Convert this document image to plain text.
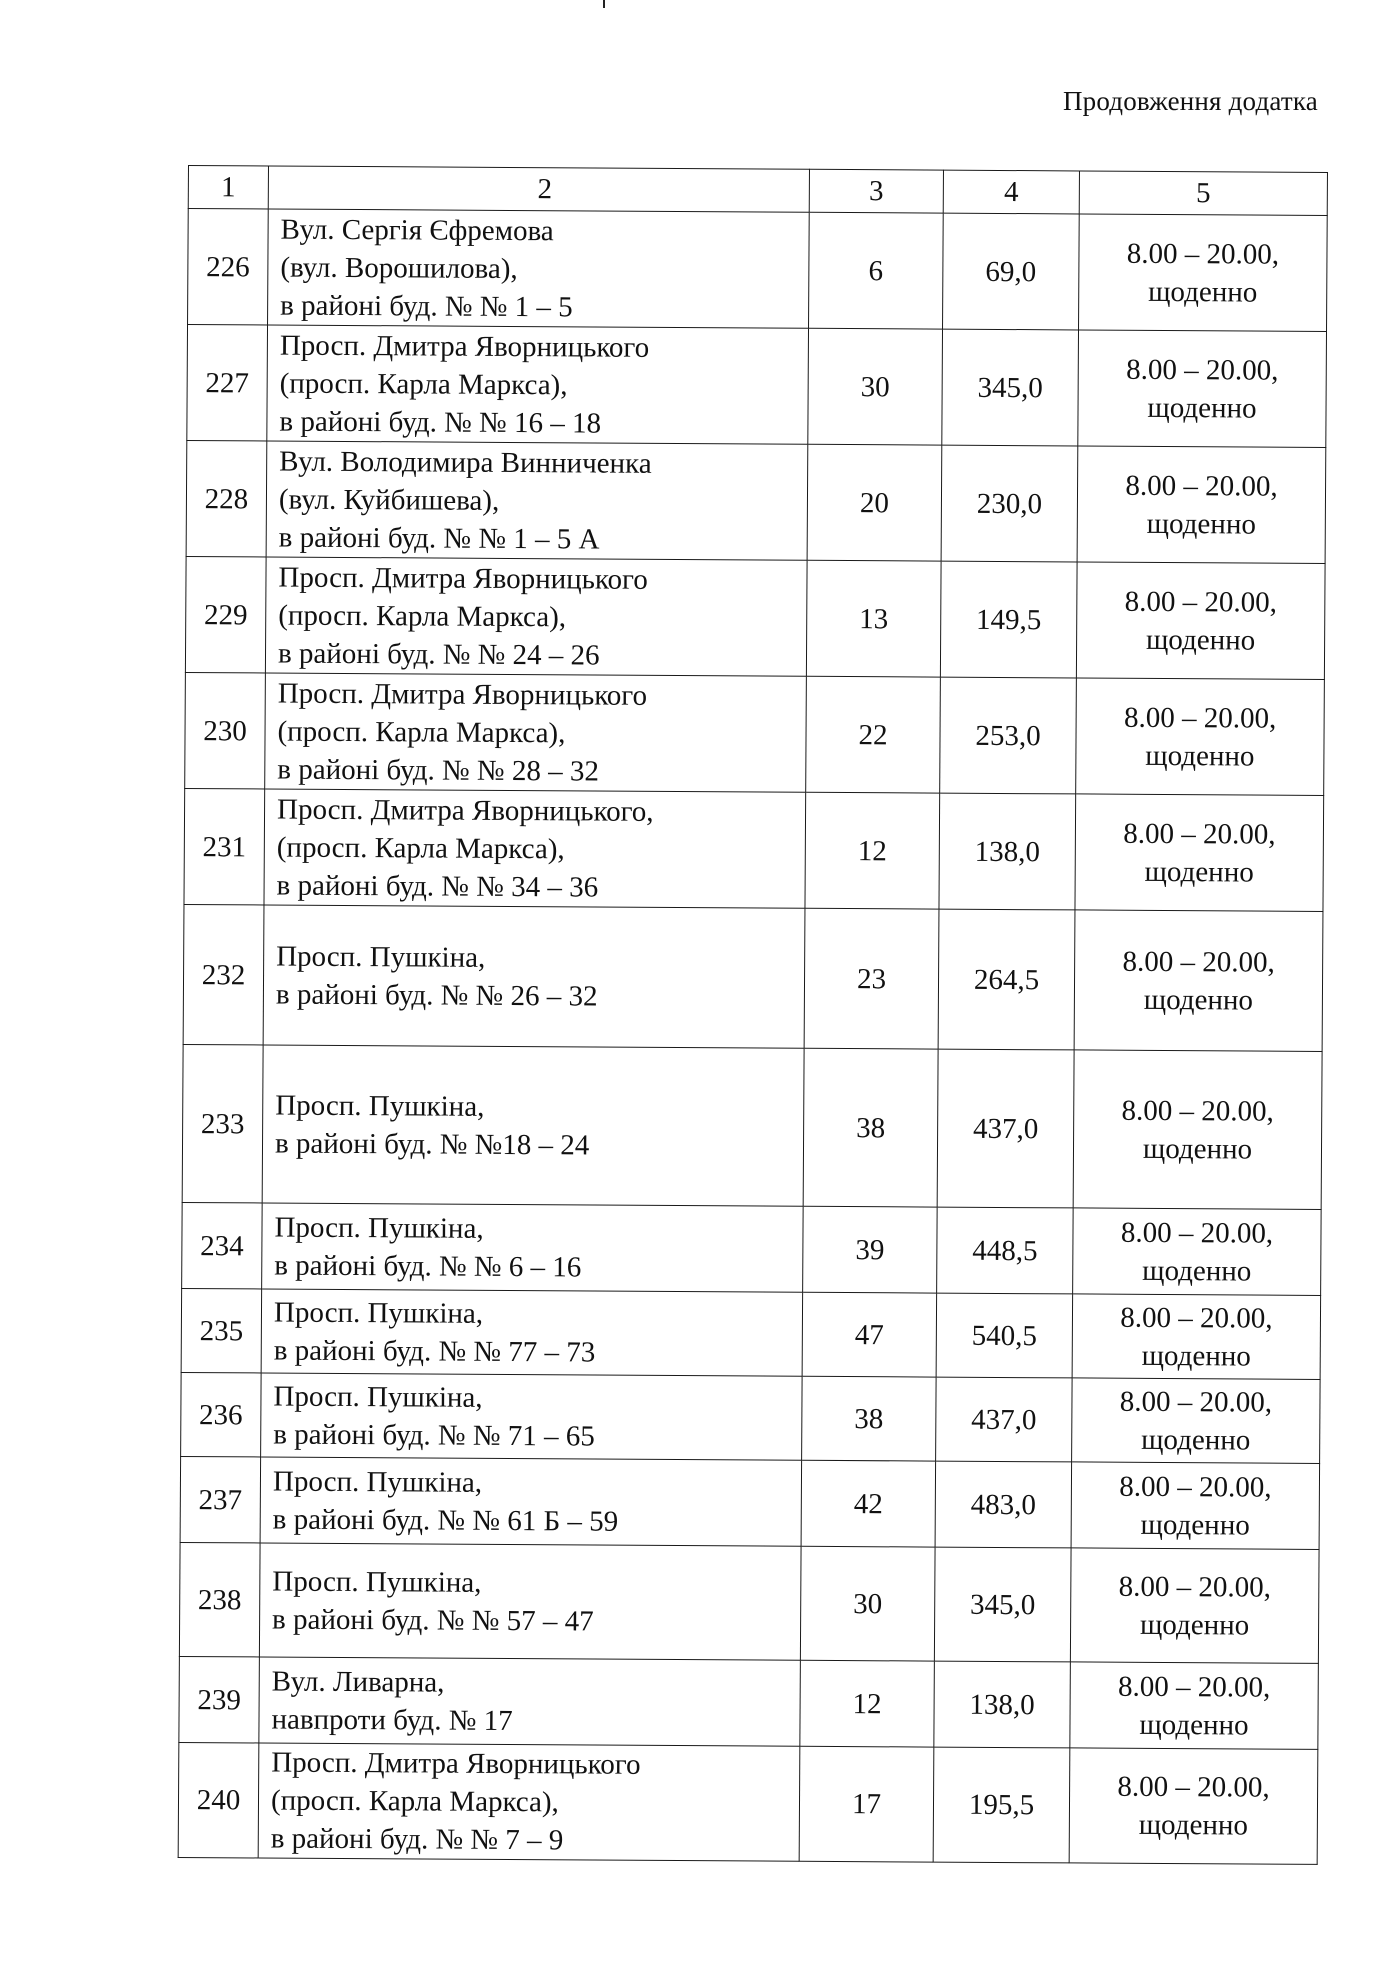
Продовження додатка
1	2	3	4	5
226	Вул. Сергія Єфремова
(вул. Ворошилова),
в районі буд. № № 1 – 5	6	69,0	8.00 – 20.00,
щоденно

227	Просп. Дмитра Яворницького
(просп. Карла Маркса),
в районі буд. № № 16 – 18	30	345,0	8.00 – 20.00,
щоденно

228	Вул. Володимира Винниченка
(вул. Куйбишева),
в районі буд. № № 1 – 5 А	20	230,0	8.00 – 20.00,
щоденно

229	Просп. Дмитра Яворницького
(просп. Карла Маркса),
в районі буд. № № 24 – 26	13	149,5	8.00 – 20.00,
щоденно

230	Просп. Дмитра Яворницького
(просп. Карла Маркса),
в районі буд. № № 28 – 32	22	253,0	8.00 – 20.00,
щоденно

231	Просп. Дмитра Яворницького,
(просп. Карла Маркса),
в районі буд. № № 34 – 36	12	138,0	8.00 – 20.00,
щоденно

232	Просп. Пушкіна,
в районі буд. № № 26 – 32	23	264,5	8.00 – 20.00,
щоденно

233	Просп. Пушкіна,
в районі буд. № №18 – 24	38	437,0	8.00 – 20.00,
щоденно

234	Просп. Пушкіна,
в районі буд. № № 6 – 16	39	448,5	8.00 – 20.00,
щоденно

235	Просп. Пушкіна,
в районі буд. № № 77 – 73	47	540,5	8.00 – 20.00,
щоденно

236	Просп. Пушкіна,
в районі буд. № № 71 – 65	38	437,0	8.00 – 20.00,
щоденно

237	Просп. Пушкіна,
в районі буд. № № 61 Б – 59	42	483,0	8.00 – 20.00,
щоденно

238	Просп. Пушкіна,
в районі буд. № № 57 – 47	30	345,0	8.00 – 20.00,
щоденно

239	Вул. Ливарна,
навпроти буд. № 17	12	138,0	8.00 – 20.00,
щоденно

240	Просп. Дмитра Яворницького
(просп. Карла Маркса),
в районі буд. № № 7 – 9	17	195,5	8.00 – 20.00,
щоденно
